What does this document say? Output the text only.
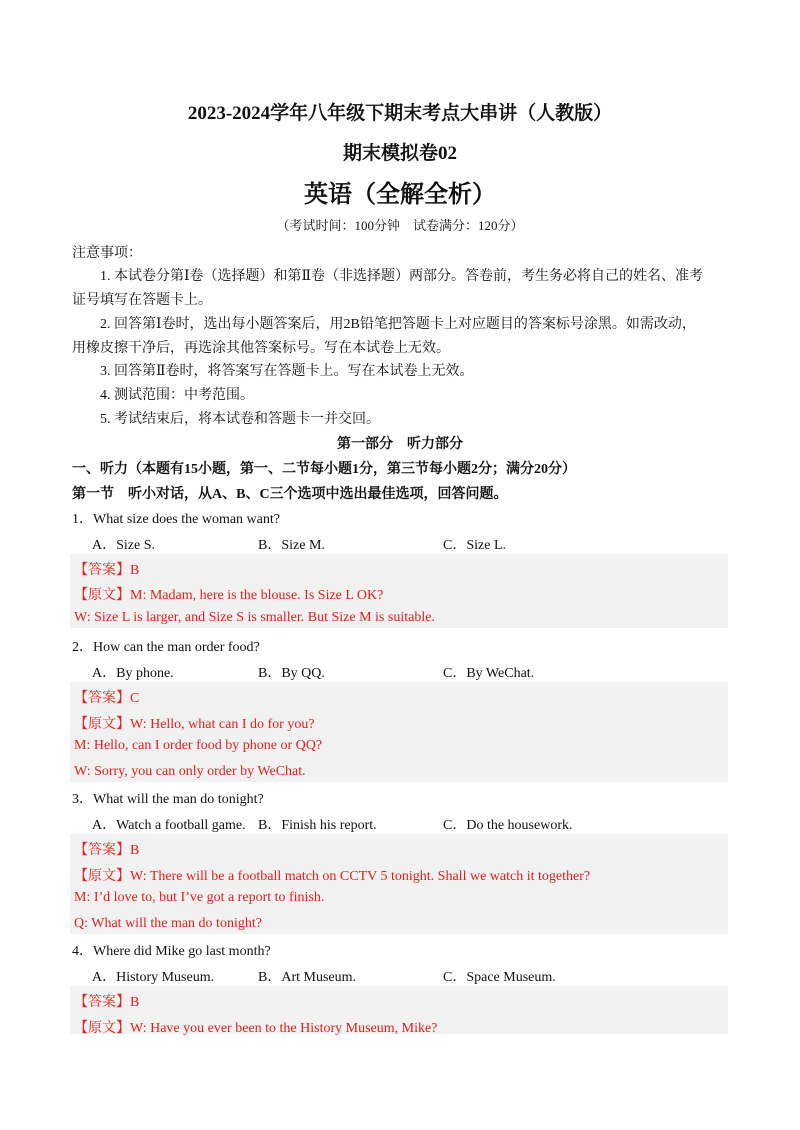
2023-2024学年八年级下期末考点大串讲（人教版）
期末模拟卷02
英语（全解全析）
（考试时间：100分钟　试卷满分：120分）
注意事项：
1. 本试卷分第Ⅰ卷（选择题）和第Ⅱ卷（非选择题）两部分。答卷前，考生务必将自己的姓名、准考
证号填写在答题卡上。
2. 回答第Ⅰ卷时，选出每小题答案后，用2B铅笔把答题卡上对应题目的答案标号涂黑。如需改动，
用橡皮擦干净后，再选涂其他答案标号。写在本试卷上无效。
3. 回答第Ⅱ卷时，将答案写在答题卡上。写在本试卷上无效。
4. 测试范围：中考范围。
5. 考试结束后，将本试卷和答题卡一并交回。
第一部分　听力部分
一、听力（本题有15小题，第一、二节每小题1分，第三节每小题2分；满分20分）
第一节　听小对话，从A、B、C三个选项中选出最佳选项，回答问题。
1．What size does the woman want?
A．Size S.	B．Size M.	C．Size L.
【答案】B
【原文】M: Madam, here is the blouse. Is Size L OK?
W: Size L is larger, and Size S is smaller. But Size M is suitable.
2．How can the man order food?
A．By phone.	B．By QQ.	C．By WeChat.
【答案】C
【原文】W: Hello, what can I do for you?
M: Hello, can I order food by phone or QQ?
W: Sorry, you can only order by WeChat.
3．What will the man do tonight?
A．Watch a football game. B．Finish his report.	C．Do the housework.
【答案】B
【原文】W: There will be a football match on CCTV 5 tonight. Shall we watch it together?
M: I’d love to, but I’ve got a report to finish.
Q: What will the man do tonight?
4．Where did Mike go last month?
A．History Museum.	B．Art Museum.	C．Space Museum.
【答案】B
【原文】W: Have you ever been to the History Museum, Mike?
